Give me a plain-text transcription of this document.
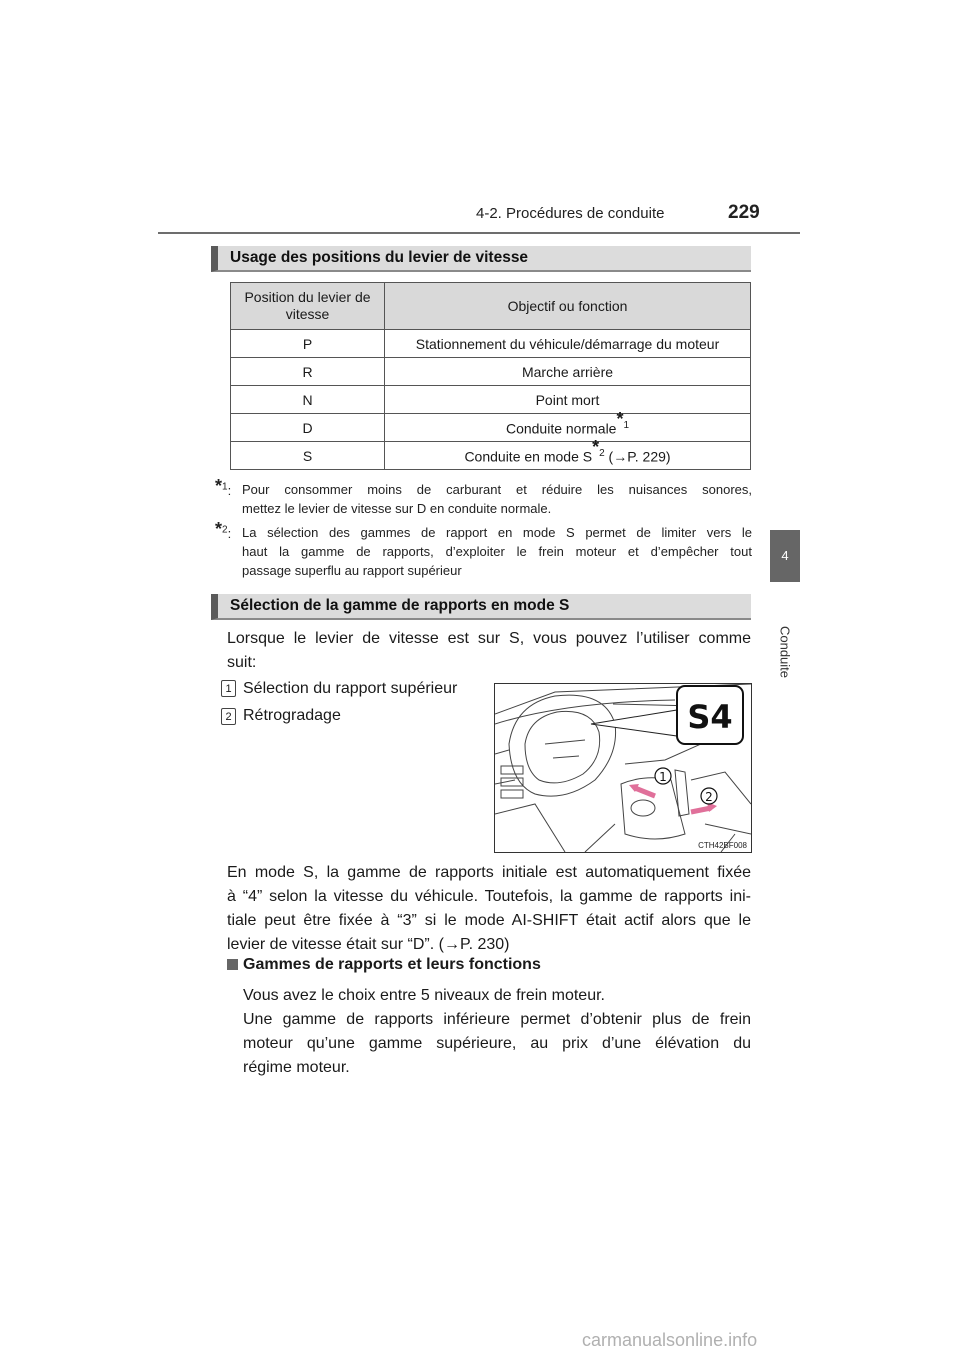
4-2. Procédures de conduite	229
4
Conduite
Usage des positions du levier de vitesse
Position du levier de
vitesse	Objectif ou fonction
P	Stationnement du véhicule/démarrage du moteur
R	Marche arrière
N	Point mort
D	Conduite normale$^{*1}$
S	Conduite en mode $S^{*2}$ (→P. 229)
*$^1$: Pour consommer moins de carburant et réduire les nuisances sonores,
mettez le levier de vitesse sur D en conduite normale.
*$^2$: La sélection des gammes de rapport en mode S permet de limiter vers le
haut la gamme de rapports, d’exploiter le frein moteur et d’empêcher tout
passage superflu au rapport supérieur
Sélection de la gamme de rapports en mode S
Lorsque le levier de vitesse est sur S, vous pouvez l’utiliser comme
suit:
1 Sélection du rapport supérieur
2 Rétrogradage	S4
1
2
CTH42BF008
En mode S, la gamme de rapports initiale est automatiquement fixée
à “4” selon la vitesse du véhicule. Toutefois, la gamme de rapports ini-
tiale peut être fixée à “3” si le mode AI-SHIFT était actif alors que le
levier de vitesse était sur “D”. (→P. 230)
Gammes de rapports et leurs fonctions
Vous avez le choix entre 5 niveaux de frein moteur.
Une gamme de rapports inférieure permet d’obtenir plus de frein
moteur qu’une gamme supérieure, au prix d’une élévation du
régime moteur.
carmanualsonline.info
